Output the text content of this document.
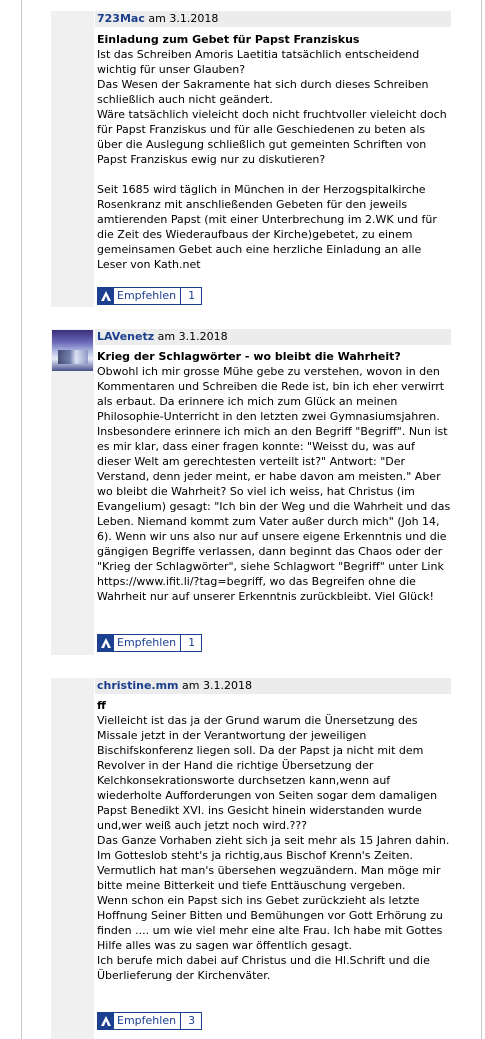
723Mac am 3.1.2018
Einladung zum Gebet für Papst Franziskus

Ist das Schreiben Amoris Laetitia tatsächlich entscheidend wichtig für unser Glauben?

Das Wesen der Sakramente hat sich durch dieses Schreiben schließlich auch nicht geändert.

Wäre tatsächlich vieleicht doch nicht fruchtvoller vieleicht doch für Papst Franziskus und für alle Geschiedenen zu beten als über die Auslegung schließlich gut gemeinten Schriften von Papst Franziskus ewig nur zu diskutieren?

Seit 1685 wird täglich in München in der Herzogspitalkirche Rosenkranz mit anschließenden Gebeten für den jeweils amtierenden Papst (mit einer Unterbrechung im 2.WK und für die Zeit des Wiederaufbaus der Kirche)gebetet, zu einem gemeinsamen Gebet auch eine herzliche Einladung an alle Leser von Kath.net

Empfehlen	1
LAVenetz am 3.1.2018
Krieg der Schlagwörter - wo bleibt die Wahrheit?

Obwohl ich mir grosse Mühe gebe zu verstehen, wovon in den Kommentaren und Schreiben die Rede ist, bin ich eher verwirrt als erbaut. Da erinnere ich mich zum Glück an meinen Philosophie-Unterricht in den letzten zwei Gymnasiumsjahren. Insbesondere erinnere ich mich an den Begriff "Begriff". Nun ist es mir klar, dass einer fragen konnte: "Weisst du, was auf dieser Welt am gerechtesten verteilt ist?" Antwort: "Der Verstand, denn jeder meint, er habe davon am meisten." Aber wo bleibt die Wahrheit? So viel ich weiss, hat Christus (im Evangelium) gesagt: "Ich bin der Weg und die Wahrheit und das Leben. Niemand kommt zum Vater außer durch mich" (Joh 14, 6). Wenn wir uns also nur auf unsere eigene Erkenntnis und die gängigen Begriffe verlassen, dann beginnt das Chaos oder der "Krieg der Schlagwörter", siehe Schlagwort "Begriff" unter Link https://www.ifit.li/?tag=begriff, wo das Begreifen ohne die Wahrheit nur auf unserer Erkenntnis zurückbleibt. Viel Glück!

Empfehlen	1
christine.mm am 3.1.2018
ff

Vielleicht ist das ja der Grund warum die Ünersetzung des Missale jetzt in der Verantwortung der jeweiligen Bischifskonferenz liegen soll. Da der Papst ja nicht mit dem Revolver in der Hand die richtige Übersetzung der Kelchkonsekrationsworte durchsetzen kann,wenn auf wiederholte Aufforderungen von Seiten sogar dem damaligen Papst Benedikt XVI. ins Gesicht hinein widerstanden wurde und,wer weiß auch jetzt noch wird.???

Das Ganze Vorhaben zieht sich ja seit mehr als 15 Jahren dahin. Im Gotteslob steht's ja richtig,aus Bischof Krenn's Zeiten. Vermutlich hat man's übersehen wegzuändern. Man möge mir bitte meine Bitterkeit und tiefe Enttäuschung vergeben.

Wenn schon ein Papst sich ins Gebet zurückzieht als letzte Hoffnung Seiner Bitten und Bemühungen vor Gott Erhörung zu finden .... um wie viel mehr eine alte Frau. Ich habe mit Gottes Hilfe alles was zu sagen war öffentlich gesagt.

Ich berufe mich dabei auf Christus und die Hl.Schrift und die Überlieferung der Kirchenväter.

Empfehlen	3
